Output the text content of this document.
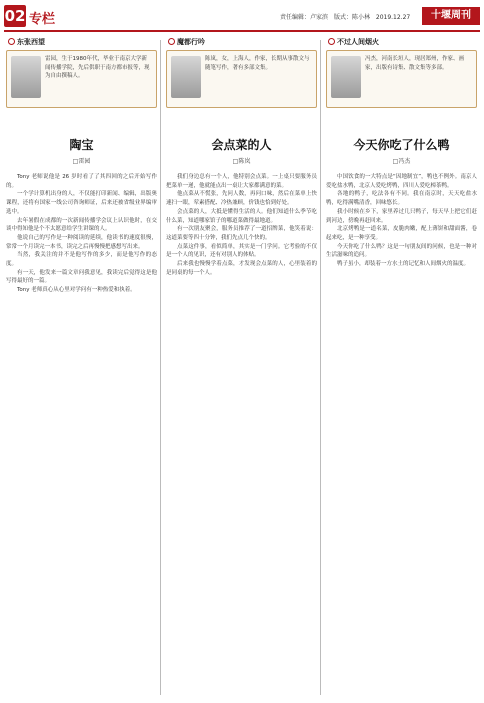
02 专栏	责任编辑：卢家滨 版式：陈小林 2019.12.27	十堰周刊
东张西望
雷园，生于1980年代，毕业于南京大学新闻传播学院，先后供职于南方都市报等，现为自由撰稿人。
陶宝
□雷园

Tony 老师说他是 26 岁时看了了其四回的之后开始写作的。

一个学计算机出身的人，不仅能打印新闻、编辑，出版奥课程，还将有国家一线公司咨询师证，后来还被省级业界编审选中。

去年暑假在成都的一次新闻传播学会议上认识他时，在交谈中得知他是个不太愿意给学生讲课的人。

他说自己的写作是一种阅读的延续，他读书的速度很慢，常常一个月读完一本书，读完之后再慢慢把感想写出来。

当然，我关注的并不是他写作的多少，而是他写作的态度。

有一天，他发来一篇文章问我意见，我读完后觉得这是他写得最好的一篇。

Tony 老师真心从心里对学问有一种热爱和执着。

魔都行吟
陈岚，女，上海人，作家，长期从事散文与随笔写作，著有多部文集。
会点菜的人
□陈岚

我们身边总有一个人，他特别会点菜。一上桌只要服务员把菜单一递，他就能点出一桌让大家都满意的菜。

他点菜从不慌张，先问人数，再问口味，然后在菜单上快速扫一眼，荤素搭配、冷热兼顾，价钱也恰到好处。

会点菜的人，大抵是懂得生活的人。他们知道什么季节吃什么菜，知道哪家馆子的哪道菜做得最地道。

有一次朋友聚会，服务员推荐了一道招牌菜，他笑着说：这道菜要等四十分钟，我们先点几个快的。

点菜这件事，看似简单，其实是一门学问。它考验的不仅是一个人的见识，还有对别人的体贴。

后来我也慢慢学着点菜，才发现会点菜的人，心里装着的是同桌的每一个人。

不过人间烟火
冯杰，河南长垣人，现居郑州，作家、画家，出版有诗集、散文集等多部。
今天你吃了什么鸭
□冯杰

中国饮食的一大特点是“因地制宜”，鸭也不例外。南京人爱吃盐水鸭，北京人爱吃烤鸭，四川人爱吃樟茶鸭。

各地的鸭子，吃法各有不同。我在南京时，天天吃盐水鸭，吃得满嘴清香，回味悠长。

我小时候在乡下，家里养过几只鸭子，每天早上把它们赶到河边，傍晚再赶回来。

北京烤鸭是一道名菜，皮脆肉嫩，配上薄饼和甜面酱，卷起来吃，是一种享受。

今天你吃了什么鸭？这是一句朋友间的问候，也是一种对生活滋味的追问。

鸭子虽小，却装着一方水土的记忆和人间烟火的温度。
